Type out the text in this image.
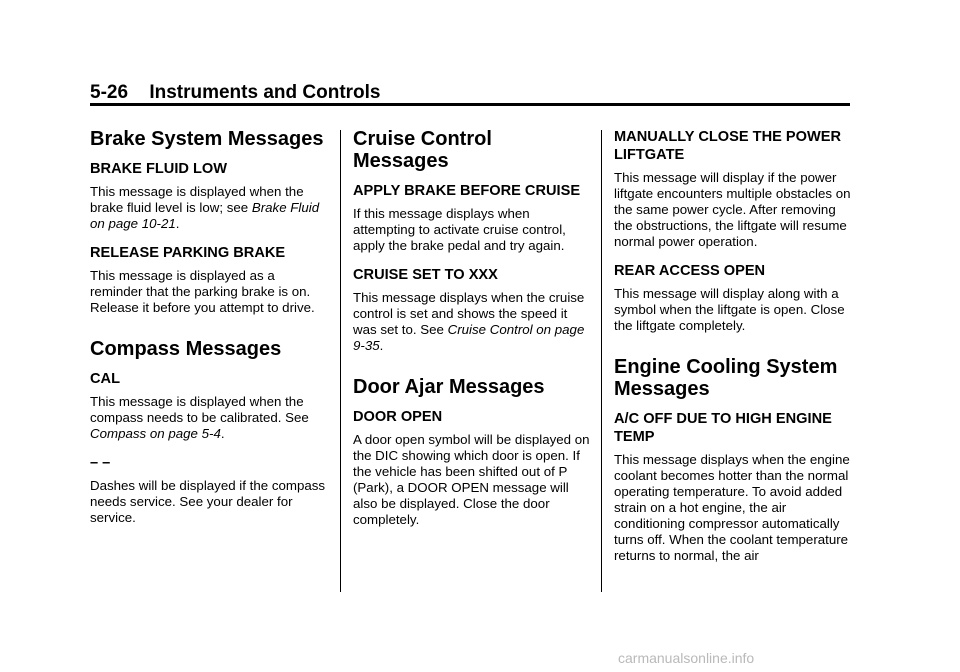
5-26 Instruments and Controls
Brake System Messages
BRAKE FLUID LOW

This message is displayed when the brake fluid level is low; see Brake Fluid on page 10-21.

RELEASE PARKING BRAKE

This message is displayed as a reminder that the parking brake is on. Release it before you attempt to drive.

Compass Messages
CAL

This message is displayed when the compass needs to be calibrated. See Compass on page 5-4.

– –

Dashes will be displayed if the compass needs service. See your dealer for service.

Cruise Control Messages
APPLY BRAKE BEFORE CRUISE

If this message displays when attempting to activate cruise control, apply the brake pedal and try again.

CRUISE SET TO XXX

This message displays when the cruise control is set and shows the speed it was set to. See Cruise Control on page 9-35.

Door Ajar Messages
DOOR OPEN

A door open symbol will be displayed on the DIC showing which door is open. If the vehicle has been shifted out of P (Park), a DOOR OPEN message will also be displayed. Close the door completely.

MANUALLY CLOSE THE POWER LIFTGATE

This message will display if the power liftgate encounters multiple obstacles on the same power cycle. After removing the obstructions, the liftgate will resume normal power operation.

REAR ACCESS OPEN

This message will display along with a symbol when the liftgate is open. Close the liftgate completely.

Engine Cooling System Messages
A/C OFF DUE TO HIGH ENGINE TEMP

This message displays when the engine coolant becomes hotter than the normal operating temperature. To avoid added strain on a hot engine, the air conditioning compressor automatically turns off. When the coolant temperature returns to normal, the air

carmanualsonline.info
